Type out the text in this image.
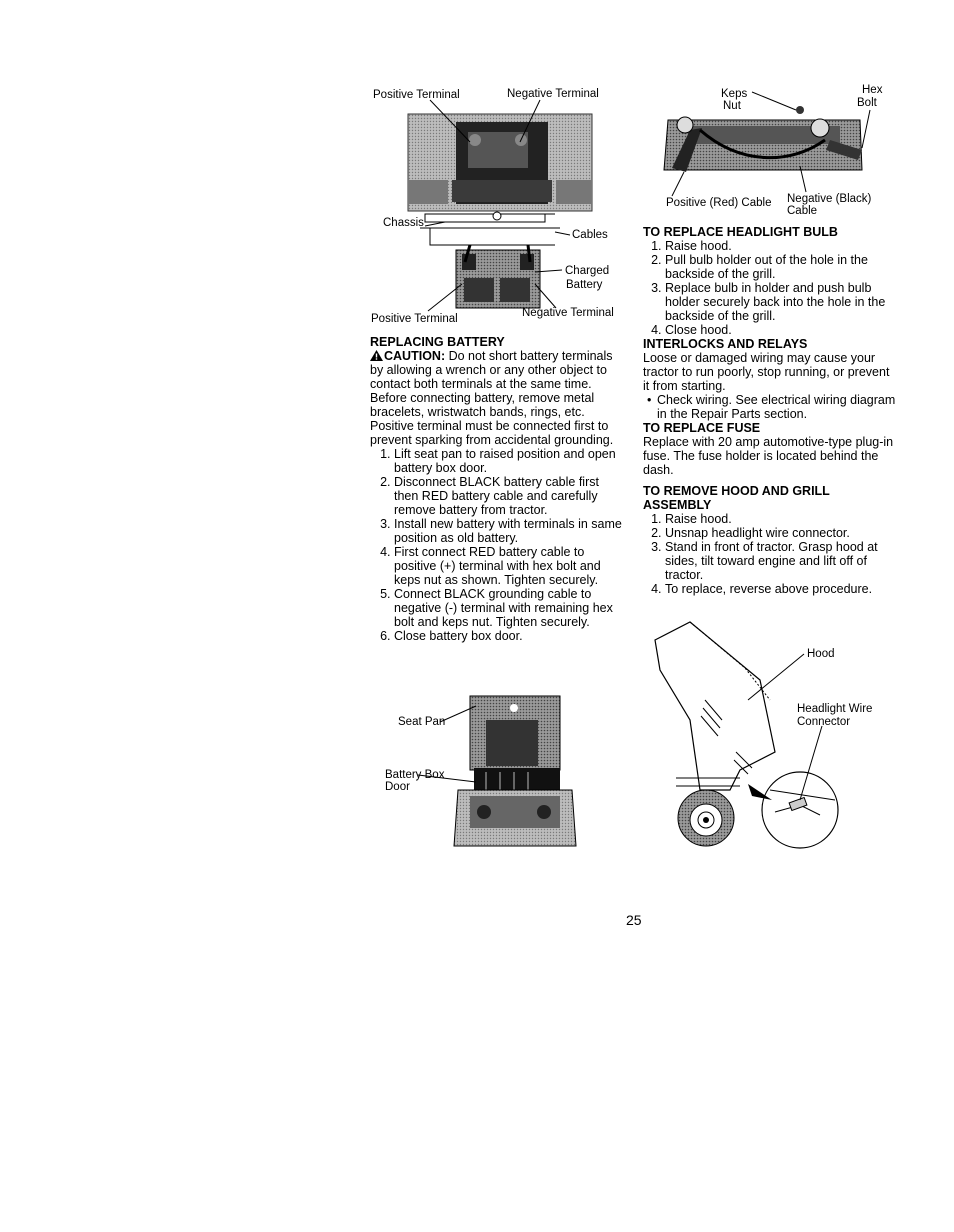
Positive Terminal	Negative Terminal
Chassis
Cables
Charged
Battery
Positive Terminal	Negative Terminal

REPLACING BATTERY

CAUTION: Do not short battery terminals by allowing a wrench or any other object to contact both terminals at the same time. Before connecting battery, remove metal bracelets, wristwatch bands, rings, etc.

Positive terminal must be connected first to prevent sparking from accidental grounding.

1. Lift seat pan to raised position and open battery box door.
2. Disconnect BLACK battery cable first then RED battery cable and carefully remove battery from tractor.
3. Install new battery with terminals in same position as old battery.
4. First connect RED battery cable to positive (+) terminal with hex bolt and keps nut as shown. Tighten securely.
5. Connect BLACK grounding cable to negative (-) terminal with remaining hex bolt and keps nut. Tighten securely.
6. Close battery box door.
Seat Pan
Battery Box
Door
Keps
Nut
Hex
Bolt
Positive (Red) Cable Negative (Black)
Cable

TO REPLACE HEADLIGHT BULB

1. Raise hood.
2. Pull bulb holder out of the hole in the backside of the grill.
3. Replace bulb in holder and push bulb holder securely back into the hole in the backside of the grill.
4. Close hood.

INTERLOCKS AND RELAYS

Loose or damaged wiring may cause your tractor to run poorly, stop running, or prevent it from starting.

• Check wiring. See electrical wiring diagram in the Repair Parts section.

TO REPLACE FUSE

Replace with 20 amp automotive-type plug-in fuse. The fuse holder is located behind the dash.

TO REMOVE HOOD AND GRILL

ASSEMBLY

1. Raise hood.
2. Unsnap headlight wire connector.
3. Stand in front of tractor. Grasp hood at sides, tilt toward engine and lift off of tractor.
4. To replace, reverse above procedure.
Hood
Headlight Wire
Connector
25
